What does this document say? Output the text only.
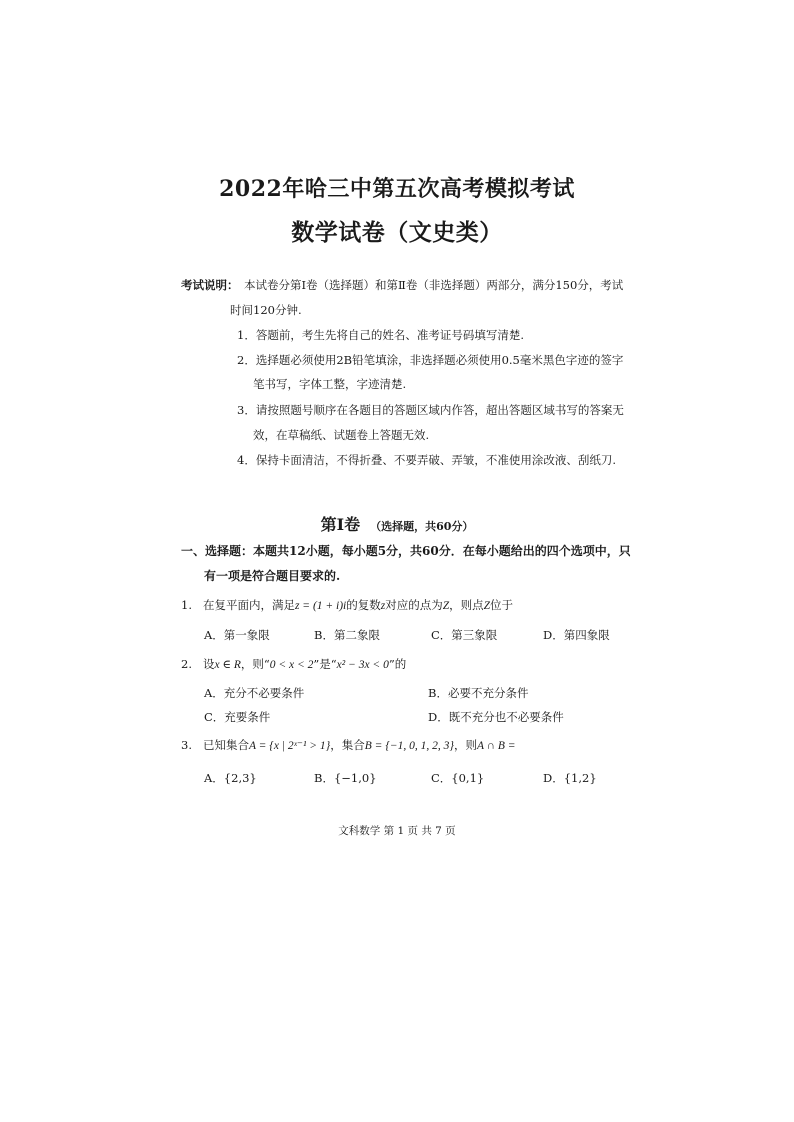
2022年哈三中第五次高考模拟考试
数学试卷（文史类）
考试说明： 本试卷分第Ⅰ卷（选择题）和第Ⅱ卷（非选择题）两部分，满分150分，考试
时间120分钟.
1．答题前，考生先将自己的姓名、准考证号码填写清楚.
2．选择题必须使用2B铅笔填涂，非选择题必须使用0.5毫米黑色字迹的签字
笔书写，字体工整，字迹清楚.
3．请按照题号顺序在各题目的答题区域内作答，超出答题区域书写的答案无
效，在草稿纸、试题卷上答题无效.
4．保持卡面清洁，不得折叠、不要弄破、弄皱，不准使用涂改液、刮纸刀.
第Ⅰ卷 （选择题，共60分）
一、选择题：本题共12小题，每小题5分，共60分．在每小题给出的四个选项中，只
有一项是符合题目要求的.
1. 在复平面内，满足z = (1 + i)i的复数z对应的点为Z，则点Z位于
A．第一象限	B．第二象限	C．第三象限	D．第四象限
2. 设x ∈ R，则“0 < x < 2”是“x² − 3x < 0”的
A．充分不必要条件	B．必要不充分条件
C．充要条件	D．既不充分也不必要条件
3. 已知集合A = {x | 2ˣ⁻¹ > 1}，集合B = {−1, 0, 1, 2, 3}，则A ∩ B =
A．{2,3}	B．{−1,0}	C．{0,1}	D．{1,2}
文科数学 第 1 页 共 7 页
